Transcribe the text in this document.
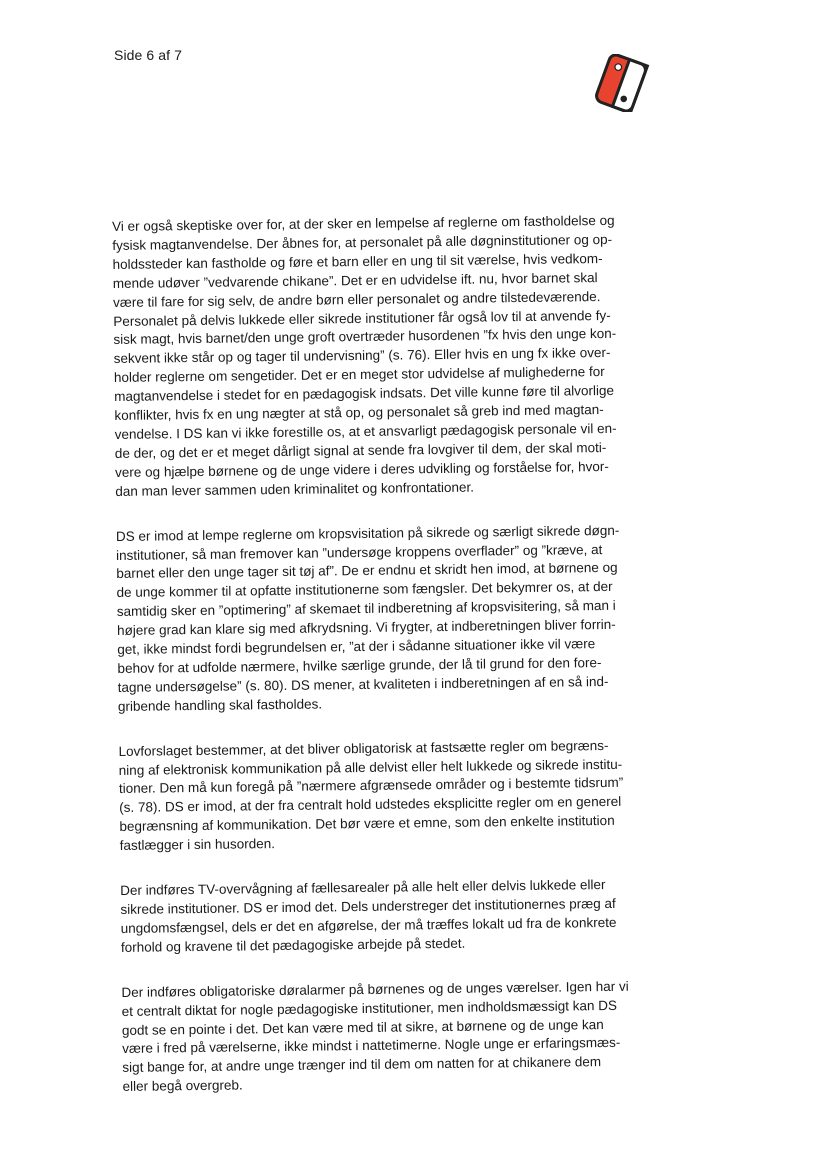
Side 6 af 7

Vi er også skeptiske over for, at der sker en lempelse af reglerne om fastholdelse og
fysisk magtanvendelse. Der åbnes for, at personalet på alle døgninstitutioner og op-
holdssteder kan fastholde og føre et barn eller en ung til sit værelse, hvis vedkom-
mende udøver ”vedvarende chikane”. Det er en udvidelse ift. nu, hvor barnet skal
være til fare for sig selv, de andre børn eller personalet og andre tilstedeværende.
Personalet på delvis lukkede eller sikrede institutioner får også lov til at anvende fy-
sisk magt, hvis barnet/den unge groft overtræder husordenen ”fx hvis den unge kon-
sekvent ikke står op og tager til undervisning” (s. 76). Eller hvis en ung fx ikke over-
holder reglerne om sengetider. Det er en meget stor udvidelse af mulighederne for
magtanvendelse i stedet for en pædagogisk indsats. Det ville kunne føre til alvorlige
konflikter, hvis fx en ung nægter at stå op, og personalet så greb ind med magtan-
vendelse. I DS kan vi ikke forestille os, at et ansvarligt pædagogisk personale vil en-
de der, og det er et meget dårligt signal at sende fra lovgiver til dem, der skal moti-
vere og hjælpe børnene og de unge videre i deres udvikling og forståelse for, hvor-
dan man lever sammen uden kriminalitet og konfrontationer.

DS er imod at lempe reglerne om kropsvisitation på sikrede og særligt sikrede døgn-
institutioner, så man fremover kan ”undersøge kroppens overflader” og ”kræve, at
barnet eller den unge tager sit tøj af”. De er endnu et skridt hen imod, at børnene og
de unge kommer til at opfatte institutionerne som fængsler. Det bekymrer os, at der
samtidig sker en ”optimering” af skemaet til indberetning af kropsvisitering, så man i
højere grad kan klare sig med afkrydsning. Vi frygter, at indberetningen bliver forrin-
get, ikke mindst fordi begrundelsen er, ”at der i sådanne situationer ikke vil være
behov for at udfolde nærmere, hvilke særlige grunde, der lå til grund for den fore-
tagne undersøgelse” (s. 80). DS mener, at kvaliteten i indberetningen af en så ind-
gribende handling skal fastholdes.

Lovforslaget bestemmer, at det bliver obligatorisk at fastsætte regler om begræns-
ning af elektronisk kommunikation på alle delvist eller helt lukkede og sikrede institu-
tioner. Den må kun foregå på ”nærmere afgrænsede områder og i bestemte tidsrum”
(s. 78). DS er imod, at der fra centralt hold udstedes eksplicitte regler om en generel
begrænsning af kommunikation. Det bør være et emne, som den enkelte institution
fastlægger i sin husorden.

Der indføres TV-overvågning af fællesarealer på alle helt eller delvis lukkede eller
sikrede institutioner. DS er imod det. Dels understreger det institutionernes præg af
ungdomsfængsel, dels er det en afgørelse, der må træffes lokalt ud fra de konkrete
forhold og kravene til det pædagogiske arbejde på stedet.

Der indføres obligatoriske døralarmer på børnenes og de unges værelser. Igen har vi
et centralt diktat for nogle pædagogiske institutioner, men indholdsmæssigt kan DS
godt se en pointe i det. Det kan være med til at sikre, at børnene og de unge kan
være i fred på værelserne, ikke mindst i nattetimerne. Nogle unge er erfaringsmæs-
sigt bange for, at andre unge trænger ind til dem om natten for at chikanere dem
eller begå overgreb.
